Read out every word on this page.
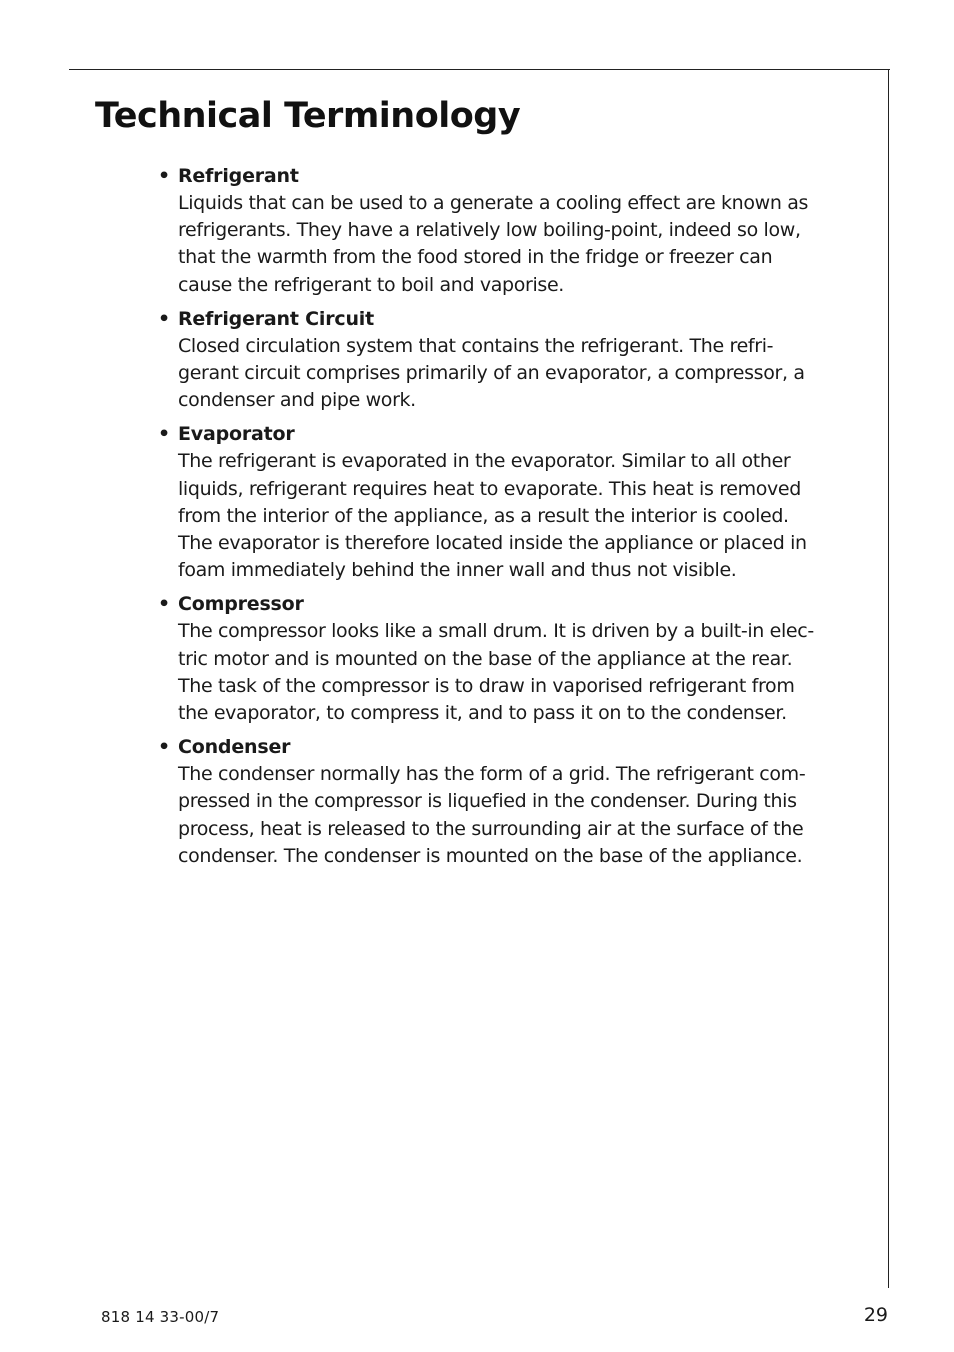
Technical Terminology
• Refrigerant
Liquids that can be used to a generate a cooling effect are known as
refrigerants. They have a relatively low boiling-point, indeed so low,
that the warmth from the food stored in the fridge or freezer can
cause the refrigerant to boil and vaporise.
• Refrigerant Circuit
Closed circulation system that contains the refrigerant. The refri-
gerant circuit comprises primarily of an evaporator, a compressor, a
condenser and pipe work.
• Evaporator
The refrigerant is evaporated in the evaporator. Similar to all other
liquids, refrigerant requires heat to evaporate. This heat is removed
from the interior of the appliance, as a result the interior is cooled.
The evaporator is therefore located inside the appliance or placed in
foam immediately behind the inner wall and thus not visible.
• Compressor
The compressor looks like a small drum. It is driven by a built-in elec-
tric motor and is mounted on the base of the appliance at the rear.
The task of the compressor is to draw in vaporised refrigerant from
the evaporator, to compress it, and to pass it on to the condenser.
• Condenser
The condenser normally has the form of a grid. The refrigerant com-
pressed in the compressor is liquefied in the condenser. During this
process, heat is released to the surrounding air at the surface of the
condenser. The condenser is mounted on the base of the appliance.
818 14 33-00/7	29
